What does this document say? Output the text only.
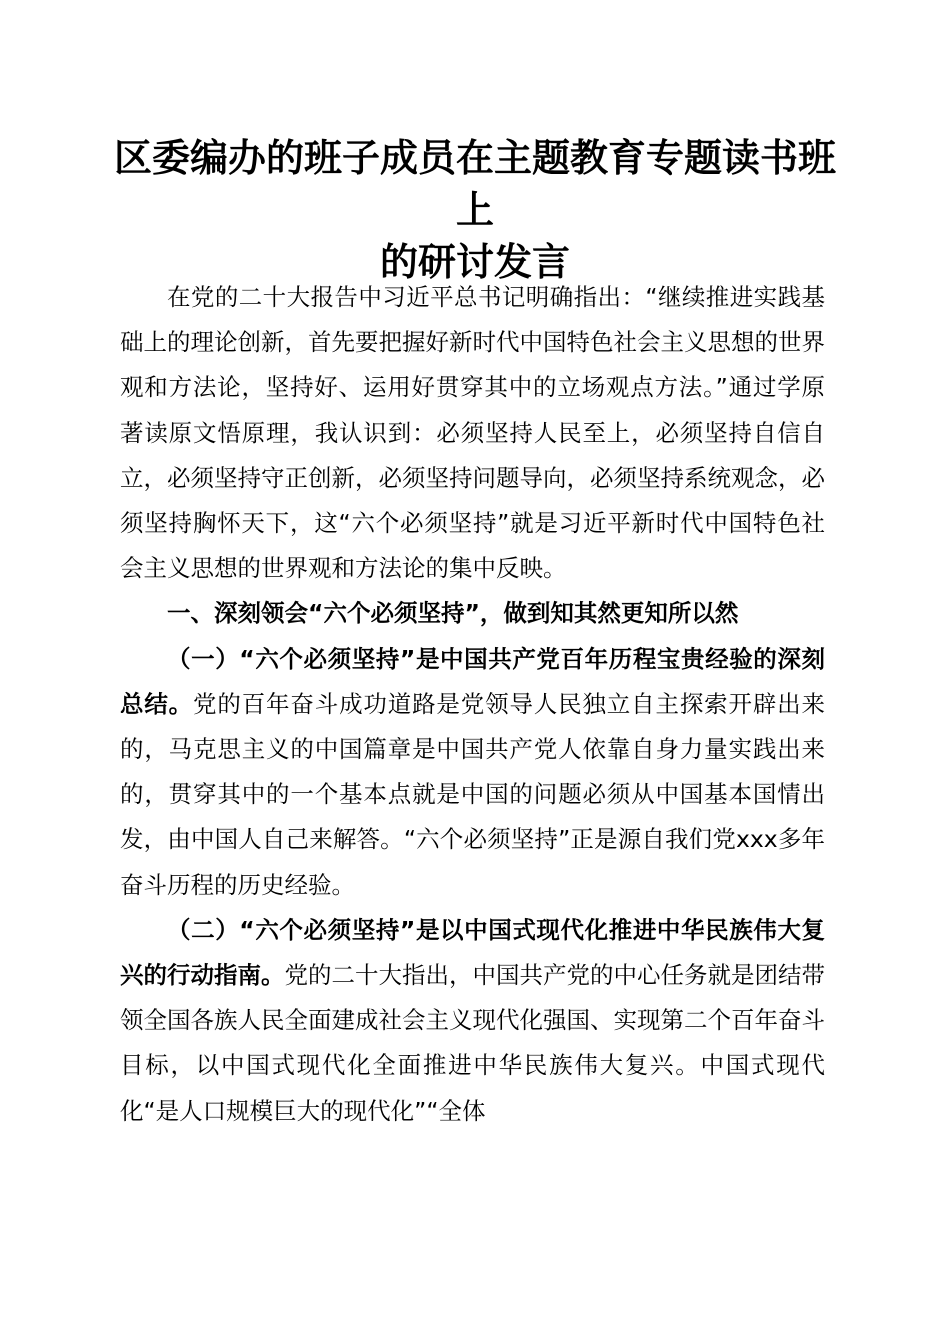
区委编办的班子成员在主题教育专题读书班上
的研讨发言

在党的二十大报告中习近平总书记明确指出：“继续推进实践基础上的理论创新，首先要把握好新时代中国特色社会主义思想的世界观和方法论，坚持好、运用好贯穿其中的立场观点方法。”通过学原著读原文悟原理，我认识到：必须坚持人民至上，必须坚持自信自立，必须坚持守正创新，必须坚持问题导向，必须坚持系统观念，必须坚持胸怀天下，这“六个必须坚持”就是习近平新时代中国特色社会主义思想的世界观和方法论的集中反映。

一、深刻领会“六个必须坚持”，做到知其然更知所以然

（一）“六个必须坚持”是中国共产党百年历程宝贵经验的深刻总结。党的百年奋斗成功道路是党领导人民独立自主探索开辟出来的，马克思主义的中国篇章是中国共产党人依靠自身力量实践出来的，贯穿其中的一个基本点就是中国的问题必须从中国基本国情出发，由中国人自己来解答。“六个必须坚持”正是源自我们党xxx多年奋斗历程的历史经验。

（二）“六个必须坚持”是以中国式现代化推进中华民族伟大复兴的行动指南。党的二十大指出，中国共产党的中心任务就是团结带领全国各族人民全面建成社会主义现代化强国、实现第二个百年奋斗目标，以中国式现代化全面推进中华民族伟大复兴。中国式现代化“是人口规模巨大的现代化”“全体
